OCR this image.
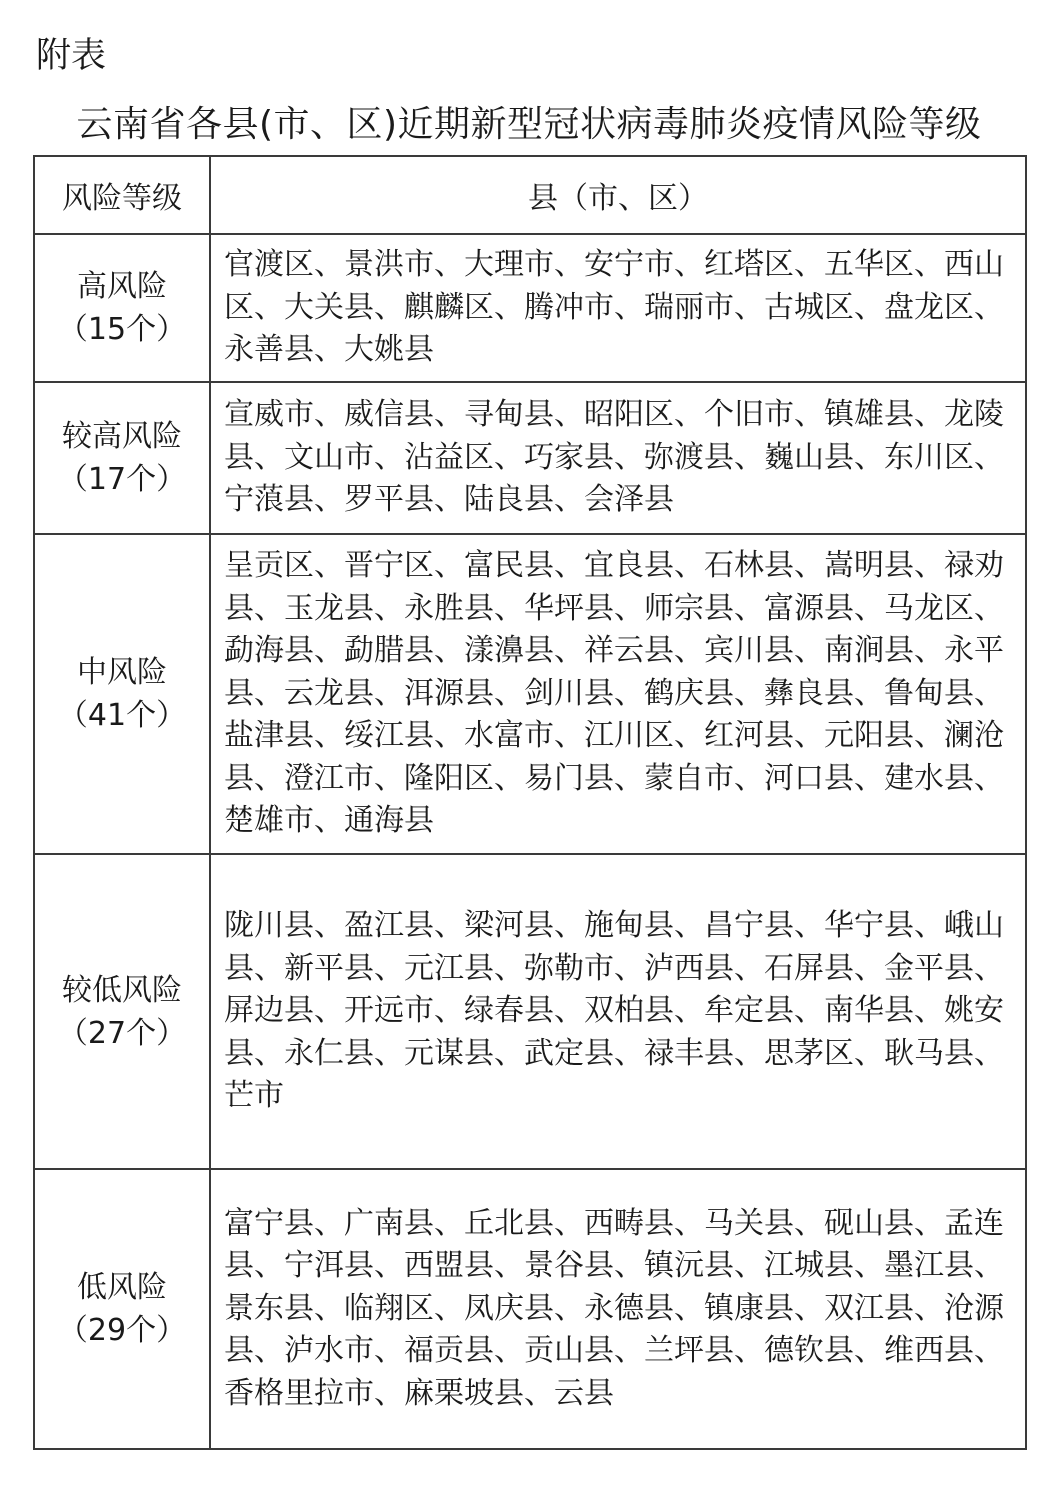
附表
云南省各县(市、区)近期新型冠状病毒肺炎疫情风险等级
风险等级	县（市、区）

高风险
（15个）	官渡区、景洪市、大理市、安宁市、红塔区、五华区、西山区、大关县、麒麟区、腾冲市、瑞丽市、古城区、盘龙区、永善县、大姚县

较高风险
（17个）	宣威市、威信县、寻甸县、昭阳区、个旧市、镇雄县、龙陵县、文山市、沾益区、巧家县、弥渡县、巍山县、东川区、宁蒗县、罗平县、陆良县、会泽县

中风险
（41个）	呈贡区、晋宁区、富民县、宜良县、石林县、嵩明县、禄劝县、玉龙县、永胜县、华坪县、师宗县、富源县、马龙区、勐海县、勐腊县、漾濞县、祥云县、宾川县、南涧县、永平县、云龙县、洱源县、剑川县、鹤庆县、彝良县、鲁甸县、盐津县、绥江县、水富市、江川区、红河县、元阳县、澜沧县、澄江市、隆阳区、易门县、蒙自市、河口县、建水县、楚雄市、通海县

较低风险
（27个）	陇川县、盈江县、梁河县、施甸县、昌宁县、华宁县、峨山县、新平县、元江县、弥勒市、泸西县、石屏县、金平县、屏边县、开远市、绿春县、双柏县、牟定县、南华县、姚安县、永仁县、元谋县、武定县、禄丰县、思茅区、耿马县、芒市

低风险
（29个）	富宁县、广南县、丘北县、西畴县、马关县、砚山县、孟连县、宁洱县、西盟县、景谷县、镇沅县、江城县、墨江县、景东县、临翔区、凤庆县、永德县、镇康县、双江县、沧源县、泸水市、福贡县、贡山县、兰坪县、德钦县、维西县、香格里拉市、麻栗坡县、云县
